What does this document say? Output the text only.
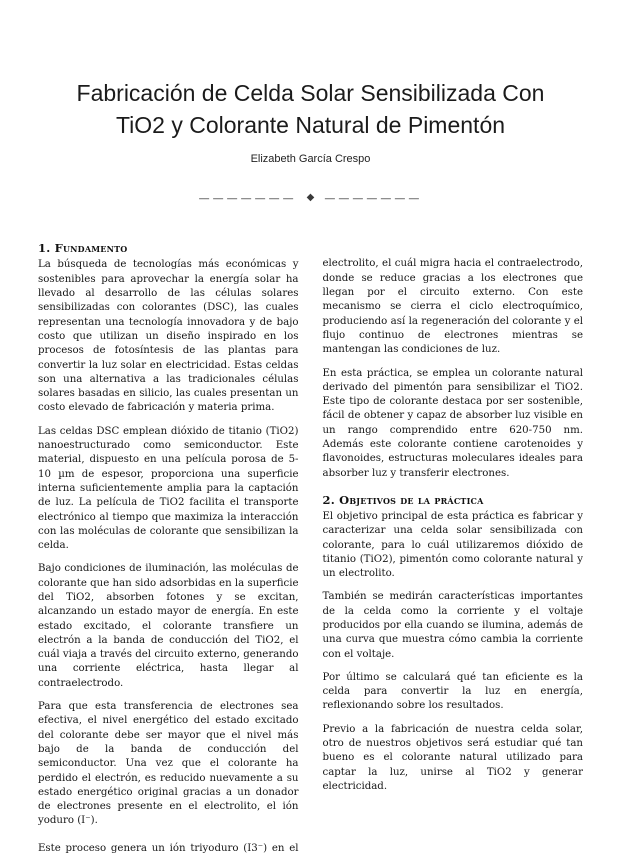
Fabricación de Celda Solar Sensibilizada Con
TiO2 y Colorante Natural de Pimentón
Elizabeth García Crespo
——————— ◆ ———————
1. Fundamento

La búsqueda de tecnologías más económicas y sostenibles para aprovechar la energía solar ha llevado al desarrollo de las células solares sensibilizadas con colorantes (DSC), las cuales representan una tecnología innovadora y de bajo costo que utilizan un diseño inspirado en los procesos de fotosíntesis de las plantas para convertir la luz solar en electricidad. Estas celdas son una alternativa a las tradicionales células solares basadas en silicio, las cuales presentan un costo elevado de fabricación y materia prima.

Las celdas DSC emplean dióxido de titanio (TiO2) nanoestructurado como semiconductor. Este material, dispuesto en una película porosa de 5-10 µm de espesor, proporciona una superficie interna suficientemente amplia para la captación de luz. La película de TiO2 facilita el transporte electrónico al tiempo que maximiza la interacción con las moléculas de colorante que sensibilizan la celda.

Bajo condiciones de iluminación, las moléculas de colorante que han sido adsorbidas en la superficie del TiO2, absorben fotones y se excitan, alcanzando un estado mayor de energía. En este estado excitado, el colorante transfiere un electrón a la banda de conducción del TiO2, el cuál viaja a través del circuito externo, generando una corriente eléctrica, hasta llegar al contraelectrodo.

Para que esta transferencia de electrones sea efectiva, el nivel energético del estado excitado del colorante debe ser mayor que el nivel más bajo de la banda de conducción del semiconductor. Una vez que el colorante ha perdido el electrón, es reducido nuevamente a su estado energético original gracias a un donador de electrones presente en el electrolito, el ión yoduro (I⁻).

Este proceso genera un ión triyoduro (I3⁻) en el

electrolito, el cuál migra hacia el contraelectrodo, donde se reduce gracias a los electrones que llegan por el circuito externo. Con este mecanismo se cierra el ciclo electroquímico, produciendo así la regeneración del colorante y el flujo continuo de electrones mientras se mantengan las condiciones de luz.

En esta práctica, se emplea un colorante natural derivado del pimentón para sensibilizar el TiO2. Este tipo de colorante destaca por ser sostenible, fácil de obtener y capaz de absorber luz visible en un rango comprendido entre 620-750 nm. Además este colorante contiene carotenoides y flavonoides, estructuras moleculares ideales para absorber luz y transferir electrones.

2. Objetivos de la práctica

El objetivo principal de esta práctica es fabricar y caracterizar una celda solar sensibilizada con colorante, para lo cuál utilizaremos dióxido de titanio (TiO2), pimentón como colorante natural y un electrolito.

También se medirán características importantes de la celda como la corriente y el voltaje producidos por ella cuando se ilumina, además de una curva que muestra cómo cambia la corriente con el voltaje.

Por último se calculará qué tan eficiente es la celda para convertir la luz en energía, reflexionando sobre los resultados.

Previo a la fabricación de nuestra celda solar, otro de nuestros objetivos será estudiar qué tan bueno es el colorante natural utilizado para captar la luz, unirse al TiO2 y generar electricidad.
